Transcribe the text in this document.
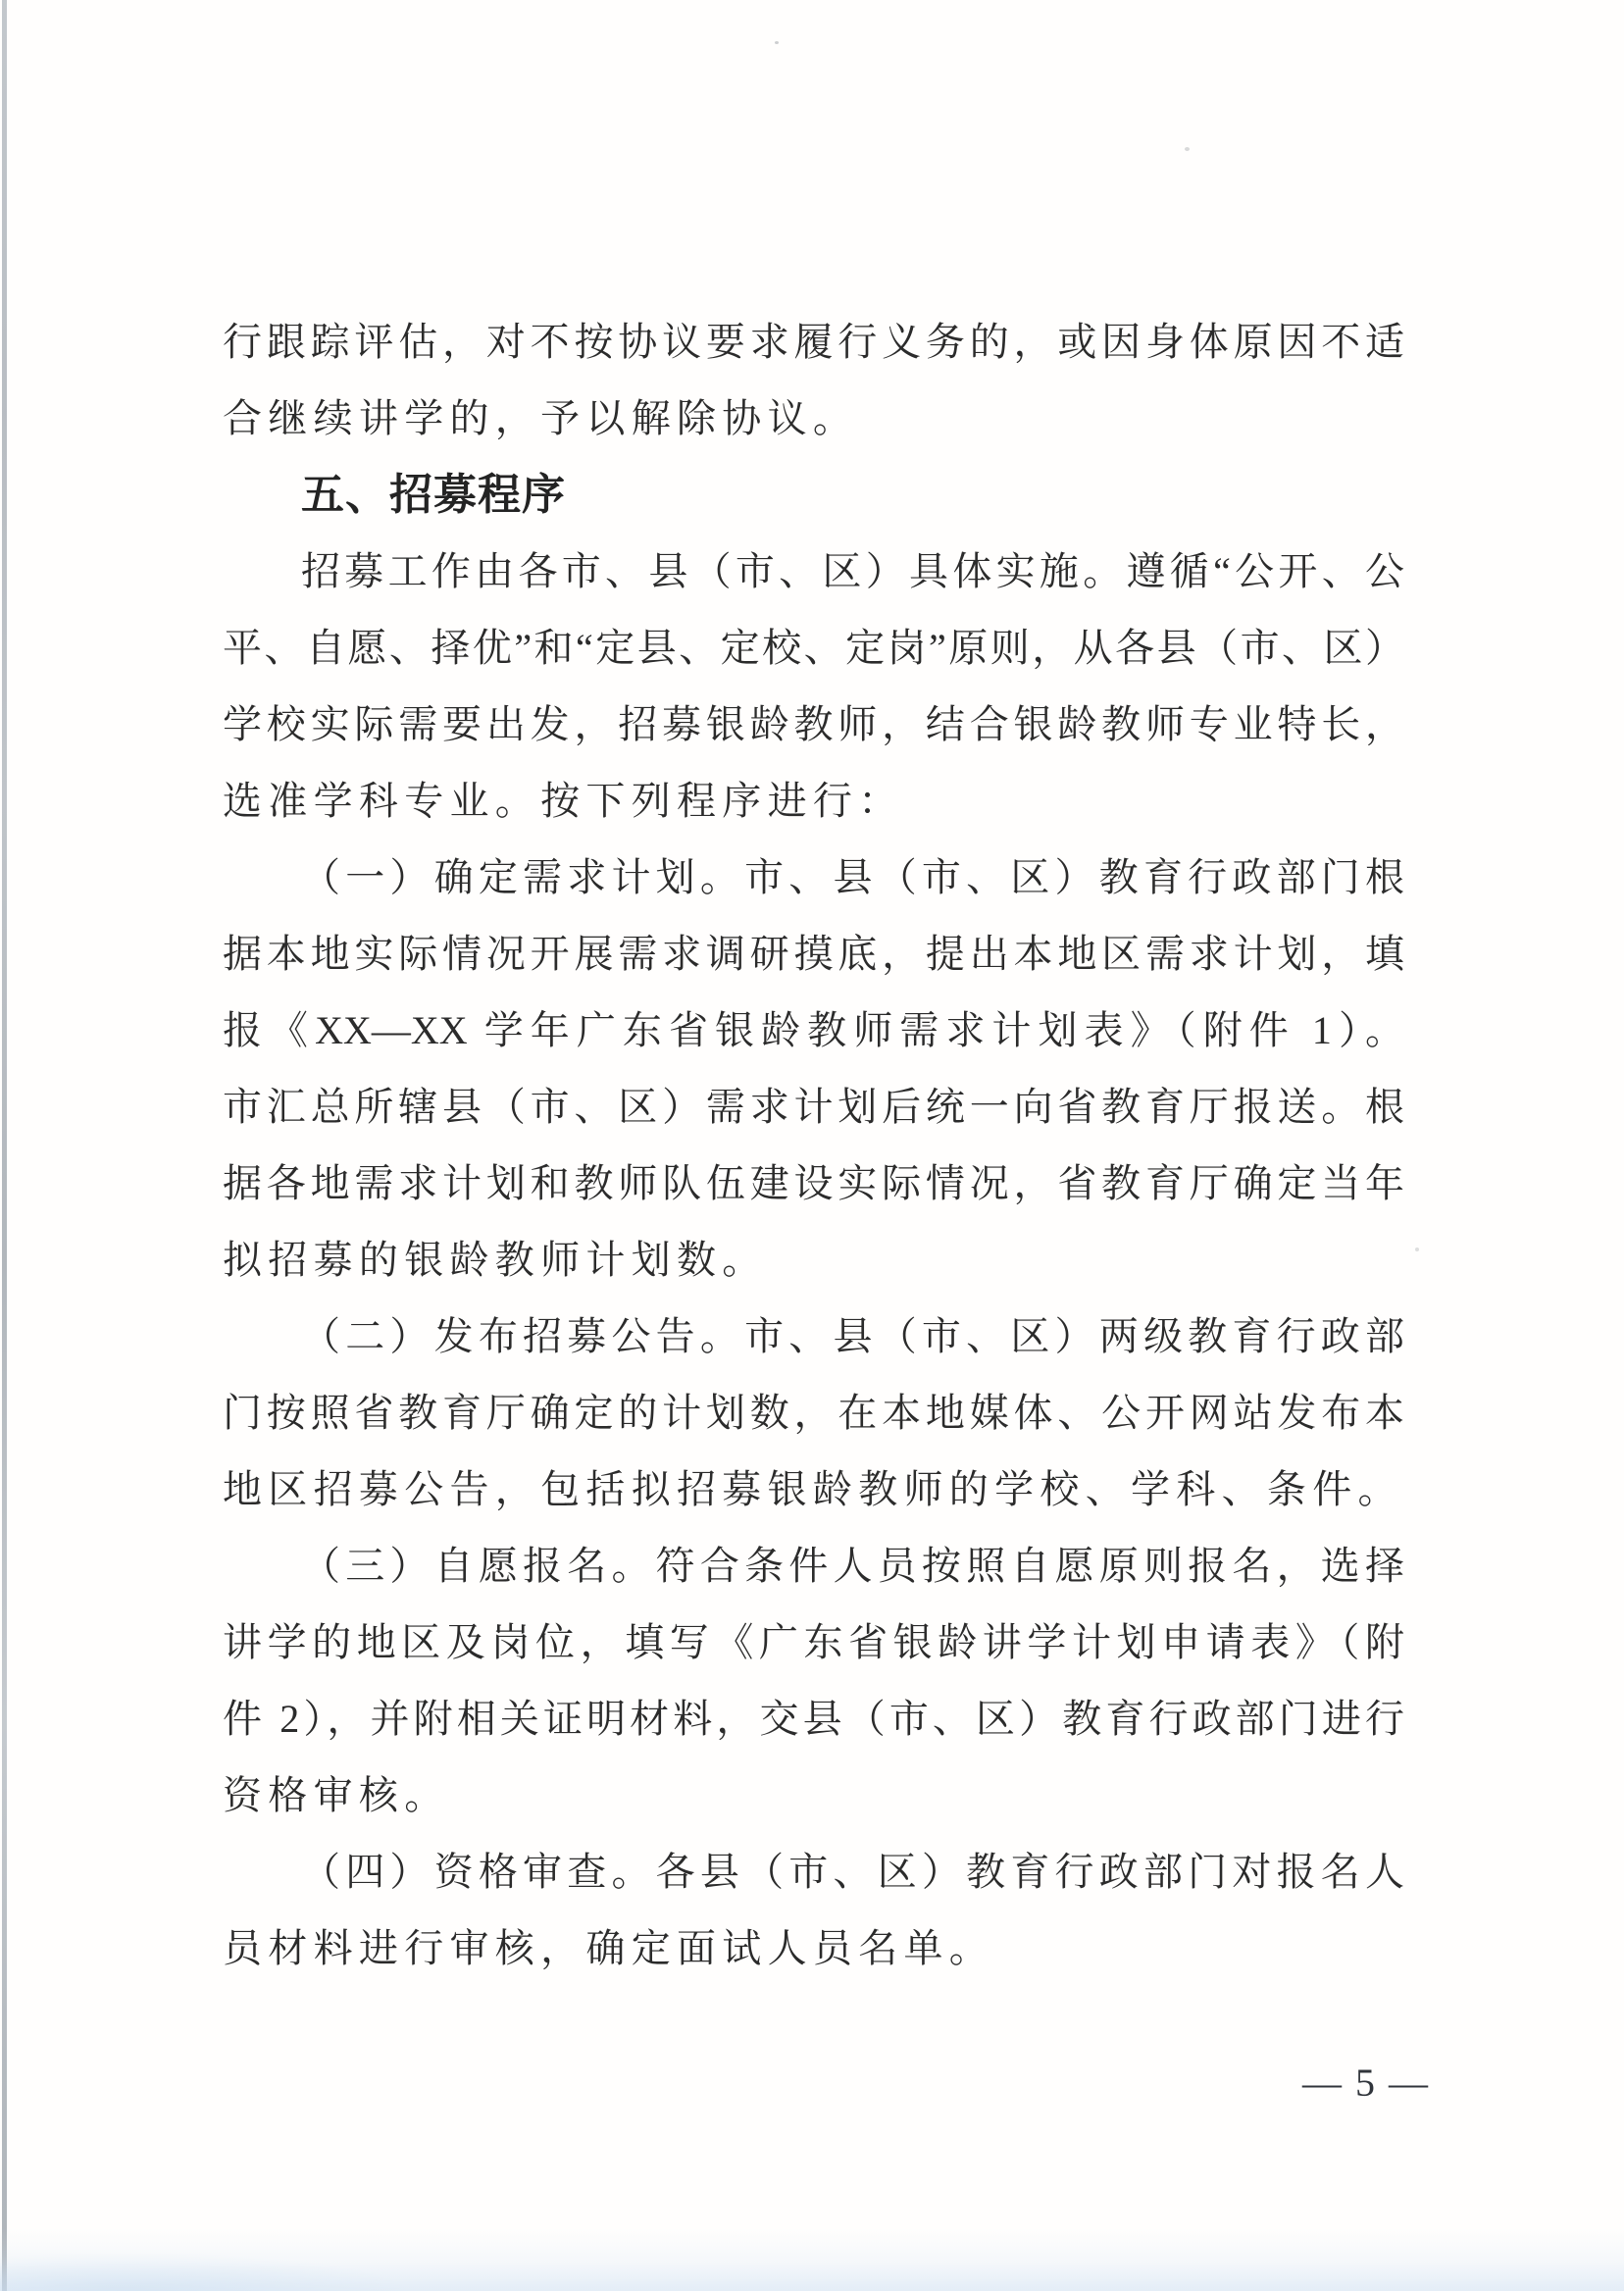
行跟踪评估，对不按协议要求履行义务的，或因身体原因不适
合继续讲学的，予以解除协议。
五、招募程序
招募工作由各市、县（市、区）具体实施。遵循“公开、公
平、自愿、择优”和“定县、定校、定岗”原则，从各县（市、区）
学校实际需要出发，招募银龄教师，结合银龄教师专业特长，
选准学科专业。按下列程序进行：
（一）确定需求计划。市、县（市、区）教育行政部门根
据本地实际情况开展需求调研摸底，提出本地区需求计划，填
报《XX—XX 学年广东省银龄教师需求计划表》（附件 1）。
市汇总所辖县（市、区）需求计划后统一向省教育厅报送。根
据各地需求计划和教师队伍建设实际情况，省教育厅确定当年
拟招募的银龄教师计划数。
（二）发布招募公告。市、县（市、区）两级教育行政部
门按照省教育厅确定的计划数，在本地媒体、公开网站发布本
地区招募公告，包括拟招募银龄教师的学校、学科、条件。
（三）自愿报名。符合条件人员按照自愿原则报名，选择
讲学的地区及岗位，填写《广东省银龄讲学计划申请表》（附
件 2），并附相关证明材料，交县（市、区）教育行政部门进行
资格审核。
（四）资格审查。各县（市、区）教育行政部门对报名人
员材料进行审核，确定面试人员名单。
— 5 —
